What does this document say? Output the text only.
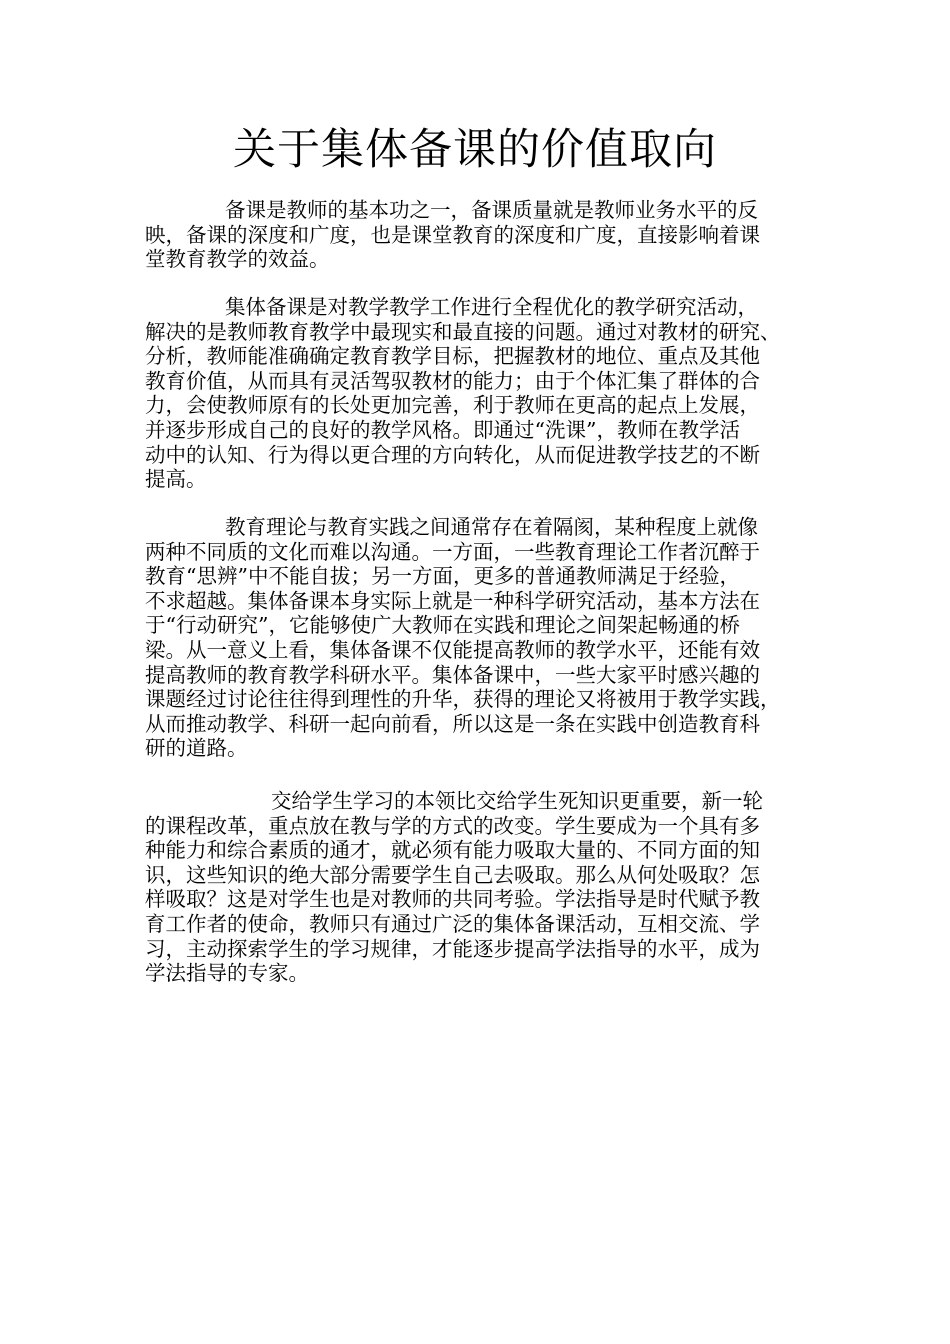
关于集体备课的价值取向
备课是教师的基本功之一，备课质量就是教师业务水平的反
映，备课的深度和广度，也是课堂教育的深度和广度，直接影响着课
堂教育教学的效益。
集体备课是对教学教学工作进行全程优化的教学研究活动，
解决的是教师教育教学中最现实和最直接的问题。通过对教材的研究、
分析，教师能准确确定教育教学目标，把握教材的地位、重点及其他
教育价值，从而具有灵活驾驭教材的能力；由于个体汇集了群体的合
力，会使教师原有的长处更加完善，利于教师在更高的起点上发展，
并逐步形成自己的良好的教学风格。即通过“洗课”，教师在教学活
动中的认知、行为得以更合理的方向转化，从而促进教学技艺的不断
提高。
教育理论与教育实践之间通常存在着隔阂，某种程度上就像
两种不同质的文化而难以沟通。一方面，一些教育理论工作者沉醉于
教育“思辨”中不能自拔；另一方面，更多的普通教师满足于经验，
不求超越。集体备课本身实际上就是一种科学研究活动，基本方法在
于“行动研究”，它能够使广大教师在实践和理论之间架起畅通的桥
梁。从一意义上看，集体备课不仅能提高教师的教学水平，还能有效
提高教师的教育教学科研水平。集体备课中，一些大家平时感兴趣的
课题经过讨论往往得到理性的升华，获得的理论又将被用于教学实践，
从而推动教学、科研一起向前看，所以这是一条在实践中创造教育科
研的道路。
交给学生学习的本领比交给学生死知识更重要，新一轮
的课程改革，重点放在教与学的方式的改变。学生要成为一个具有多
种能力和综合素质的通才，就必须有能力吸取大量的、不同方面的知
识，这些知识的绝大部分需要学生自己去吸取。那么从何处吸取？怎
样吸取？这是对学生也是对教师的共同考验。学法指导是时代赋予教
育工作者的使命，教师只有通过广泛的集体备课活动，互相交流、学
习，主动探索学生的学习规律，才能逐步提高学法指导的水平，成为
学法指导的专家。
